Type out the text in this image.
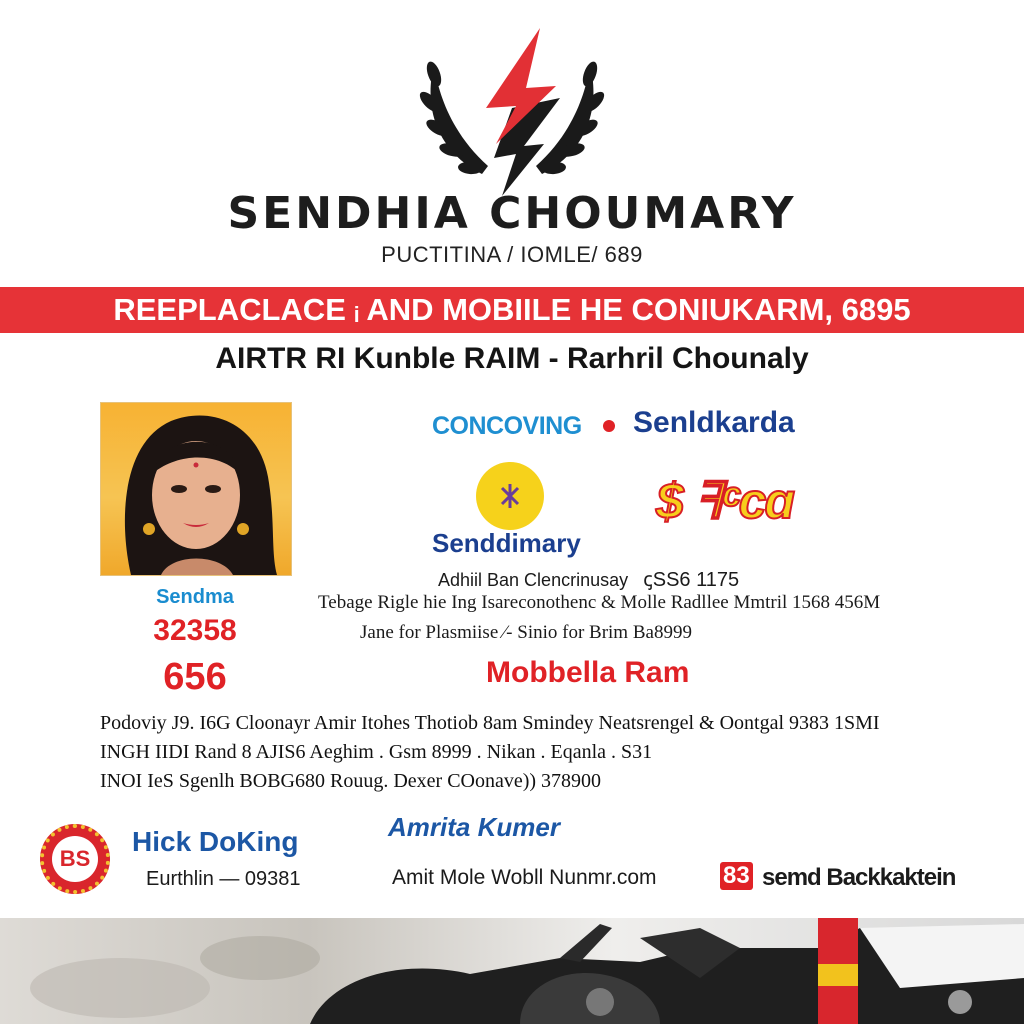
SENDHIA CHOUMARY
PUCTITINA / IOMLE/ 689
REEPLACLACE ᵢ AND MOBIILE HE CONIUKARM, 6895
AIRTR RI Kunble RAIM - Rarhril Chounaly
Sendma
32358
656
CONCOVING Senldkarda
Senddimary
$ ꟻᶜcɑ
Adhiil Ban Clencrinusay ꞔSS6 1175
Tebage Rigle hie Ing Isareconothenc & Molle Radllee Mmtril 1568 456M
Jane for Plasmiise ⁄- Sinio for Brim Ba8999
Mobbella Ram
Podoviy J9. I6G Cloonayr Amir Itohes Thotiob 8am Smindey Neatsrengel & Oontgal 9383 1SMI
INGH IIDI Rand 8 AJIS6 Aeghim . Gsm 8999 . Nikan . Eqanla . S31
INOI IeS Sgenlh BOBG680 Rouug. Dexer COonave)) 378900
BS
Hick DoKing
Eurthlin — 09381
Amrita Kumer
Amit Mole Wobll Nunmr.com	83 semd Backkaktein
